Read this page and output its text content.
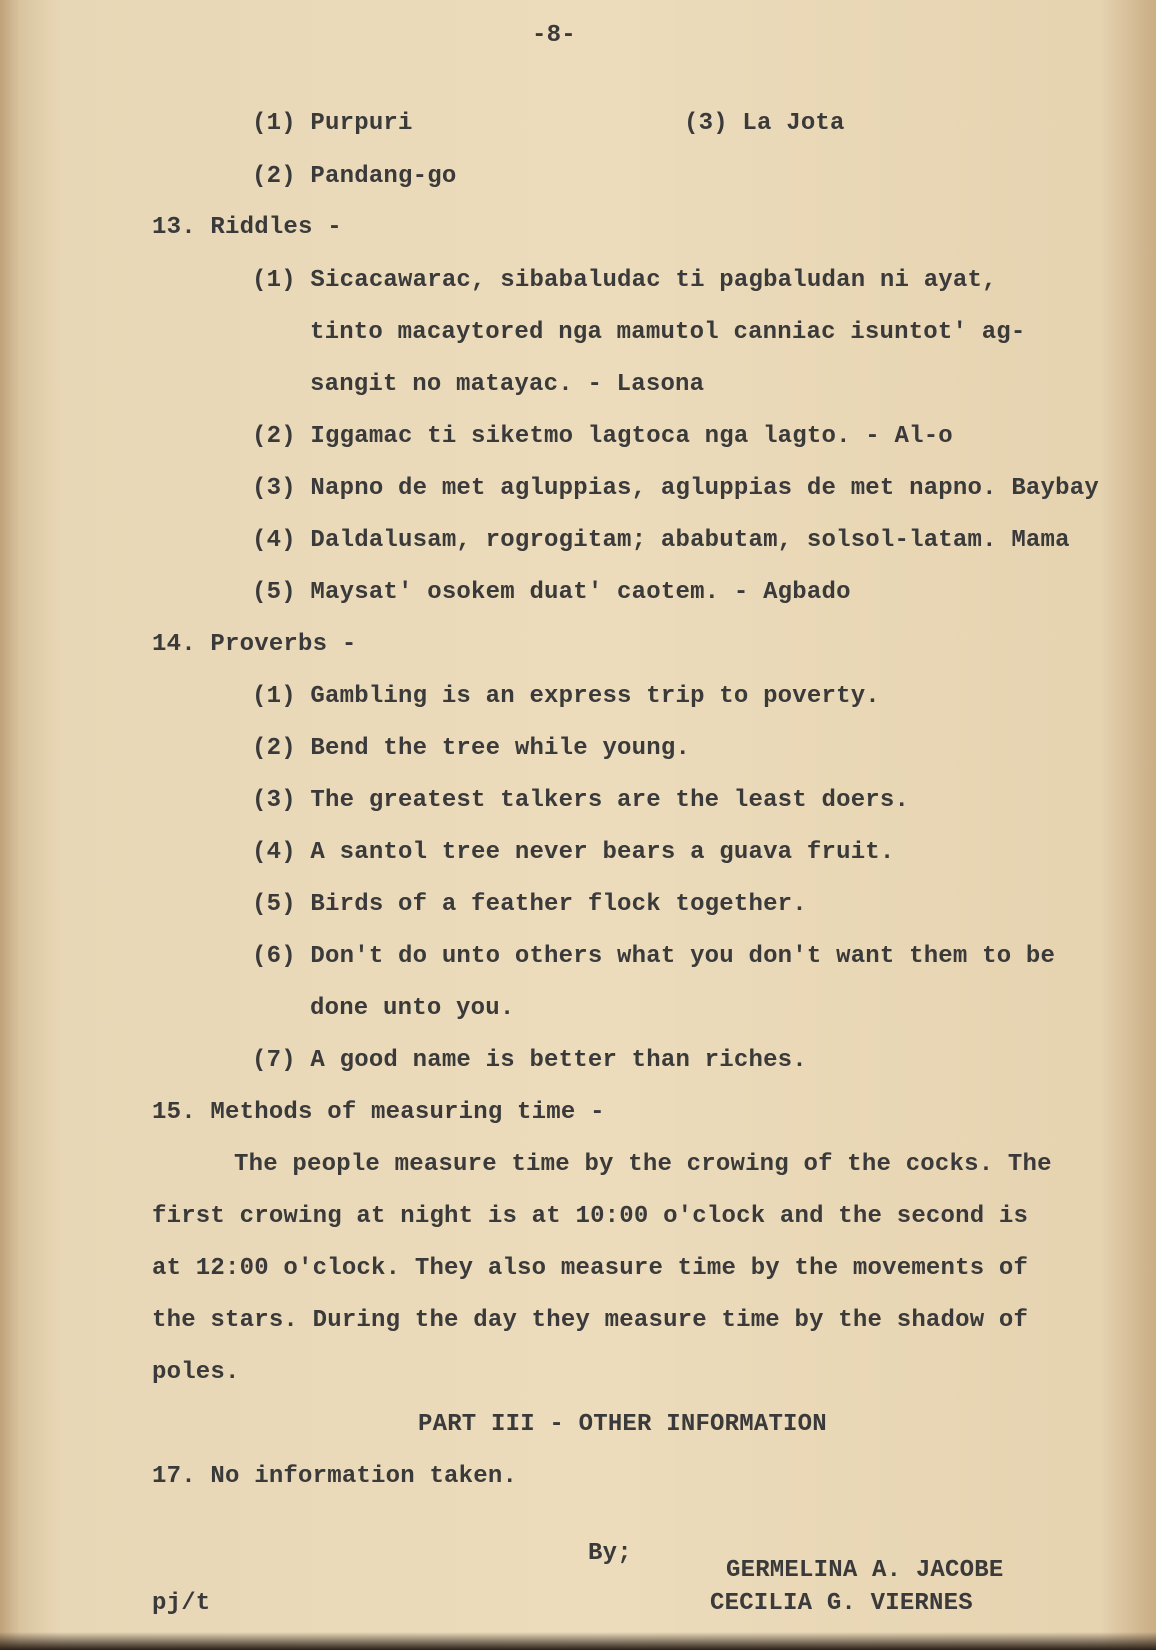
-8-
(1) Purpuri	(3) La Jota
(2) Pandang-go
13. Riddles -
(1) Sicacawarac, sibabaludac ti pagbaludan ni ayat,
tinto macaytored nga mamutol canniac isuntot' ag-
sangit no matayac. - Lasona
(2) Iggamac ti siketmo lagtoca nga lagto. - Al-o
(3) Napno de met agluppias, agluppias de met napno. Baybay
(4) Daldalusam, rogrogitam; ababutam, solsol-latam. Mama
(5) Maysat' osokem duat' caotem. - Agbado
14. Proverbs -
(1) Gambling is an express trip to poverty.
(2) Bend the tree while young.
(3) The greatest talkers are the least doers.
(4) A santol tree never bears a guava fruit.
(5) Birds of a feather flock together.
(6) Don't do unto others what you don't want them to be
done unto you.
(7) A good name is better than riches.
15. Methods of measuring time -
The people measure time by the crowing of the cocks. The
first crowing at night is at 10:00 o'clock and the second is
at 12:00 o'clock. They also measure time by the movements of
the stars. During the day they measure time by the shadow of
poles.
PART III - OTHER INFORMATION
17. No information taken.
By;
GERMELINA A. JACOBE
pj/t	CECILIA G. VIERNES
